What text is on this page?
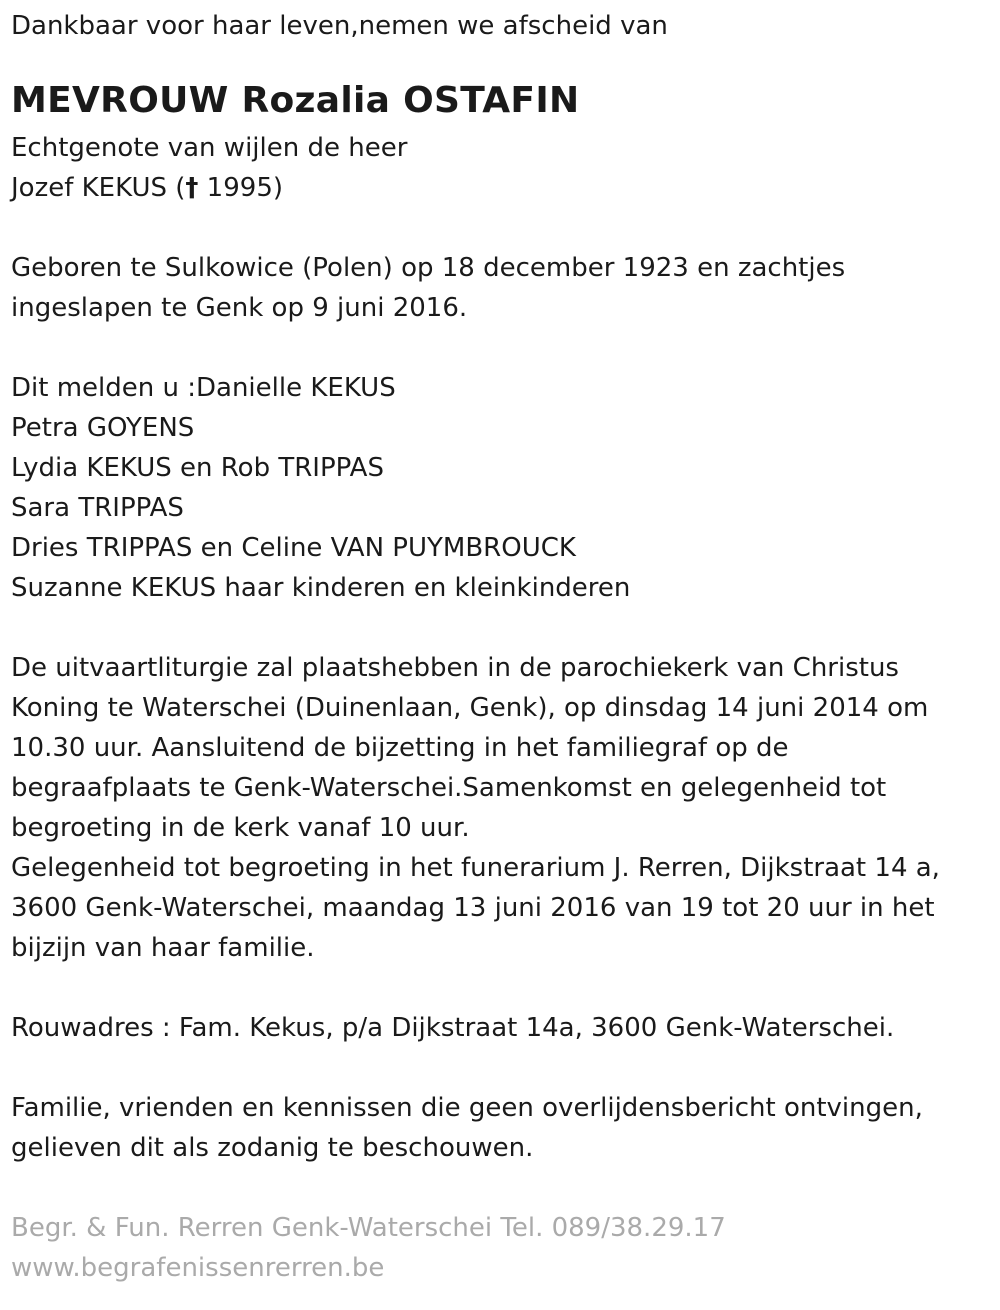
Dankbaar voor haar leven,nemen we afscheid van
MEVROUW Rozalia OSTAFIN
Echtgenote van wijlen de heer
Jozef KEKUS († 1995)
Geboren te Sulkowice (Polen) op 18 december 1923 en zachtjes
ingeslapen te Genk op 9 juni 2016.
Dit melden u :Danielle KEKUS
Petra GOYENS
Lydia KEKUS en Rob TRIPPAS
Sara TRIPPAS
Dries TRIPPAS en Celine VAN PUYMBROUCK
Suzanne KEKUS haar kinderen en kleinkinderen
De uitvaartliturgie zal plaatshebben in de parochiekerk van Christus
Koning te Waterschei (Duinenlaan, Genk), op dinsdag 14 juni 2014 om
10.30 uur. Aansluitend de bijzetting in het familiegraf op de
begraafplaats te Genk-Waterschei.Samenkomst en gelegenheid tot
begroeting in de kerk vanaf 10 uur.
Gelegenheid tot begroeting in het funerarium J. Rerren, Dijkstraat 14 a,
3600 Genk-Waterschei, maandag 13 juni 2016 van 19 tot 20 uur in het
bijzijn van haar familie.
Rouwadres : Fam. Kekus, p/a Dijkstraat 14a, 3600 Genk-Waterschei.
Familie, vrienden en kennissen die geen overlijdensbericht ontvingen,
gelieven dit als zodanig te beschouwen.
Begr. & Fun. Rerren Genk-Waterschei Tel. 089/38.29.17
www.begrafenissenrerren.be
